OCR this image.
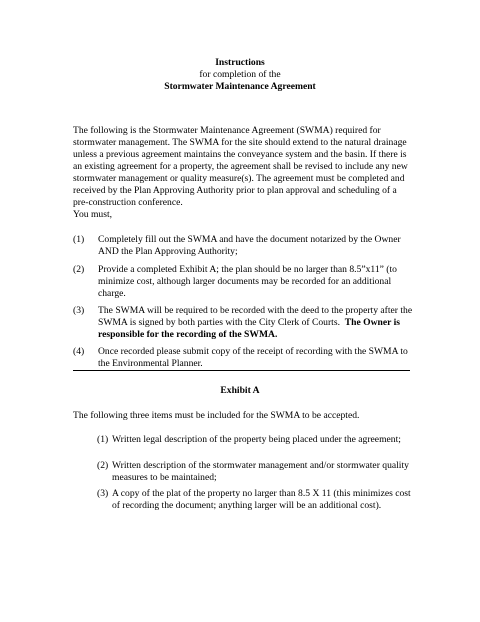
Instructions
for completion of the
Stormwater Maintenance Agreement
The following is the Stormwater Maintenance Agreement (SWMA) required for stormwater management. The SWMA for the site should extend to the natural drainage unless a previous agreement maintains the conveyance system and the basin. If there is an existing agreement for a property, the agreement shall be revised to include any new stormwater management or quality measure(s). The agreement must be completed and received by the Plan Approving Authority prior to plan approval and scheduling of a pre-construction conference.
You must,
(1) Completely fill out the SWMA and have the document notarized by the Owner AND the Plan Approving Authority;
(2) Provide a completed Exhibit A; the plan should be no larger than 8.5”x11” (to minimize cost, although larger documents may be recorded for an additional charge.
(3) The SWMA will be required to be recorded with the deed to the property after the SWMA is signed by both parties with the City Clerk of Courts. The Owner is responsible for the recording of the SWMA.
(4) Once recorded please submit copy of the receipt of recording with the SWMA to the Environmental Planner.
Exhibit A
The following three items must be included for the SWMA to be accepted.
(1) Written legal description of the property being placed under the agreement;
(2) Written description of the stormwater management and/or stormwater quality measures to be maintained;
(3) A copy of the plat of the property no larger than 8.5 X 11 (this minimizes cost of recording the document; anything larger will be an additional cost).
